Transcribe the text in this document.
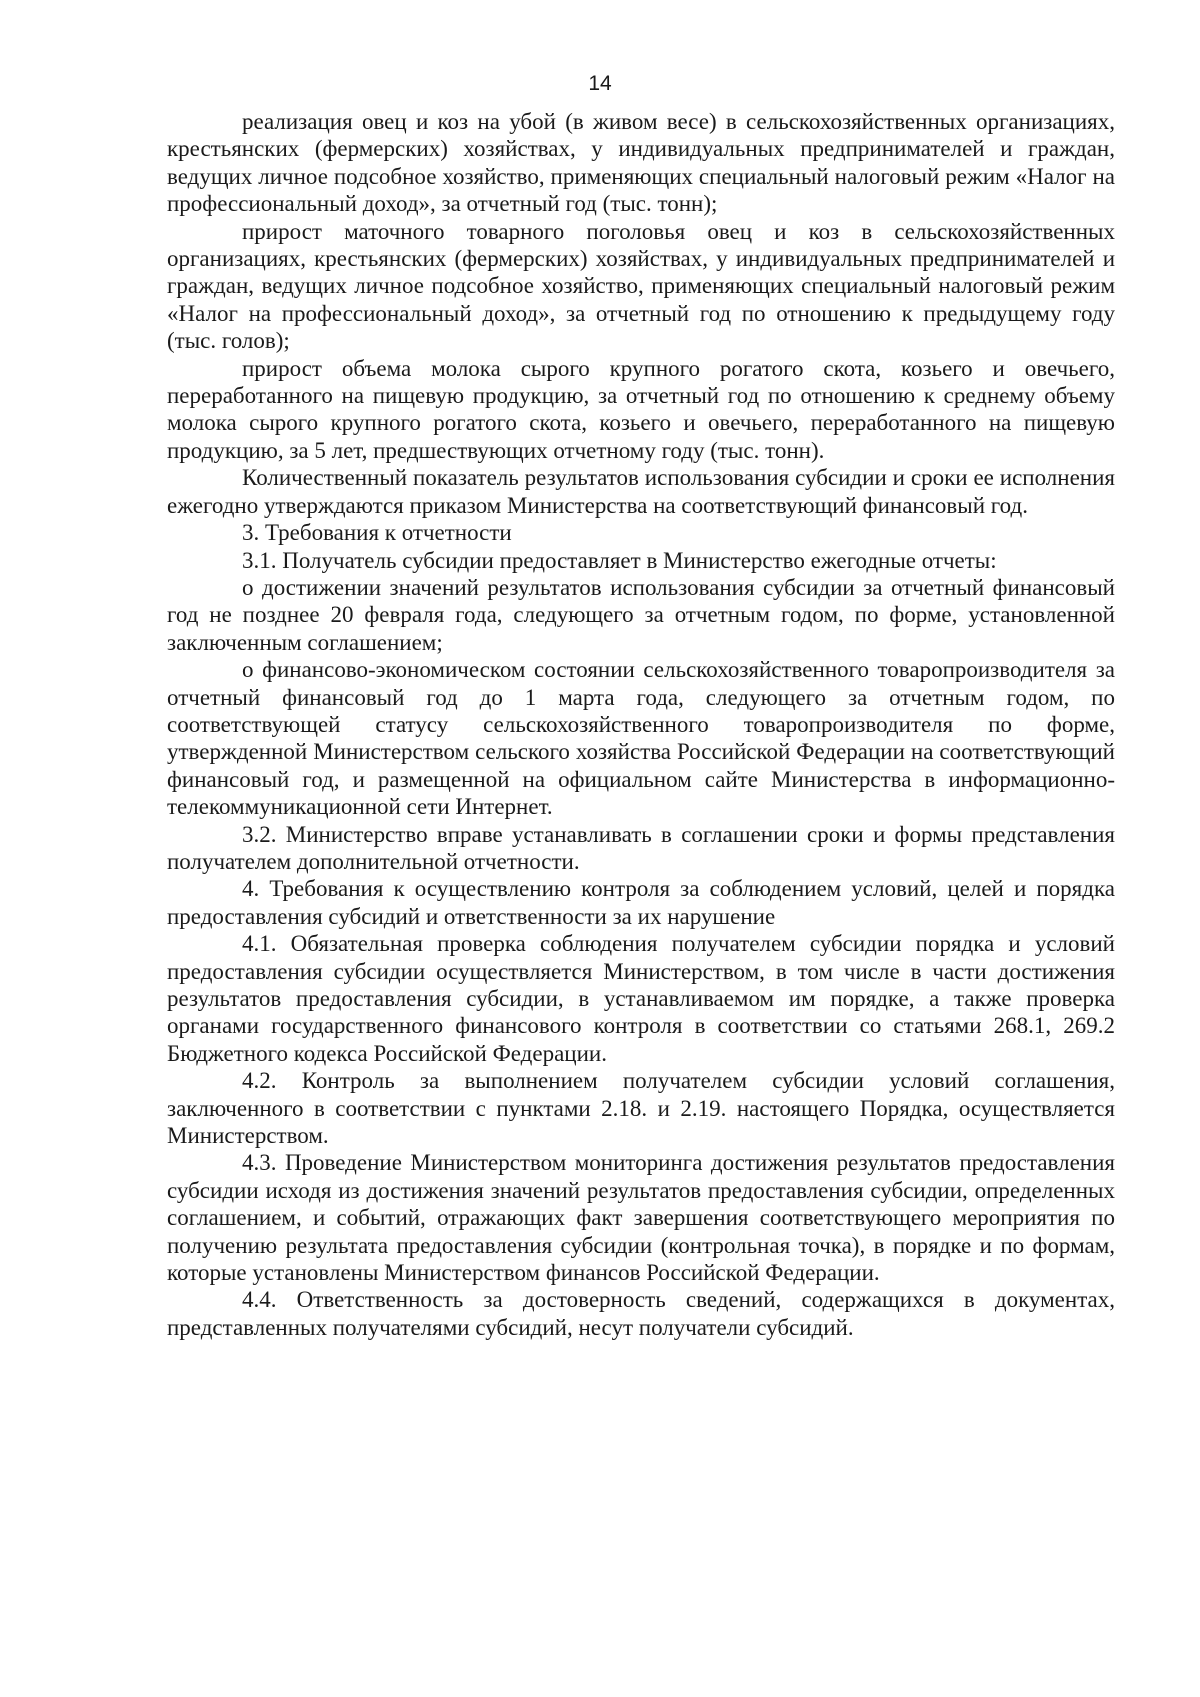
14

реализация овец и коз на убой (в живом весе) в сельскохозяйственных организациях, крестьянских (фермерских) хозяйствах, у индивидуальных предпринимателей и граждан, ведущих личное подсобное хозяйство, применяющих специальный налоговый режим «Налог на профессиональный доход», за отчетный год (тыс. тонн);

прирост маточного товарного поголовья овец и коз в сельскохозяйственных организациях, крестьянских (фермерских) хозяйствах, у индивидуальных предпринимателей и граждан, ведущих личное подсобное хозяйство, применяющих специальный налоговый режим «Налог на профессиональный доход», за отчетный год по отношению к предыдущему году (тыс. голов);

прирост объема молока сырого крупного рогатого скота, козьего и овечьего, переработанного на пищевую продукцию, за отчетный год по отношению к среднему объему молока сырого крупного рогатого скота, козьего и овечьего, переработанного на пищевую продукцию, за 5 лет, предшествующих отчетному году (тыс. тонн).

Количественный показатель результатов использования субсидии и сроки ее исполнения ежегодно утверждаются приказом Министерства на соответствующий финансовый год.

3. Требования к отчетности

3.1. Получатель субсидии предоставляет в Министерство ежегодные отчеты:

о достижении значений результатов использования субсидии за отчетный финансовый год не позднее 20 февраля года, следующего за отчетным годом, по форме, установленной заключенным соглашением;

о финансово-экономическом состоянии сельскохозяйственного товаропроизводителя за отчетный финансовый год до 1 марта года, следующего за отчетным годом, по соответствующей статусу сельскохозяйственного товаропроизводителя по форме, утвержденной Министерством сельского хозяйства Российской Федерации на соответствующий финансовый год, и размещенной на официальном сайте Министерства в информационно-телекоммуникационной сети Интернет.

3.2. Министерство вправе устанавливать в соглашении сроки и формы представления получателем дополнительной отчетности.

4. Требования к осуществлению контроля за соблюдением условий, целей и порядка предоставления субсидий и ответственности за их нарушение

4.1. Обязательная проверка соблюдения получателем субсидии порядка и условий предоставления субсидии осуществляется Министерством, в том числе в части достижения результатов предоставления субсидии, в устанавливаемом им порядке, а также проверка органами государственного финансового контроля в соответствии со статьями 268.1, 269.2 Бюджетного кодекса Российской Федерации.

4.2. Контроль за выполнением получателем субсидии условий соглашения, заключенного в соответствии с пунктами 2.18. и 2.19. настоящего Порядка, осуществляется Министерством.

4.3. Проведение Министерством мониторинга достижения результатов предоставления субсидии исходя из достижения значений результатов предоставления субсидии, определенных соглашением, и событий, отражающих факт завершения соответствующего мероприятия по получению результата предоставления субсидии (контрольная точка), в порядке и по формам, которые установлены Министерством финансов Российской Федерации.

4.4. Ответственность за достоверность сведений, содержащихся в документах, представленных получателями субсидий, несут получатели субсидий.
